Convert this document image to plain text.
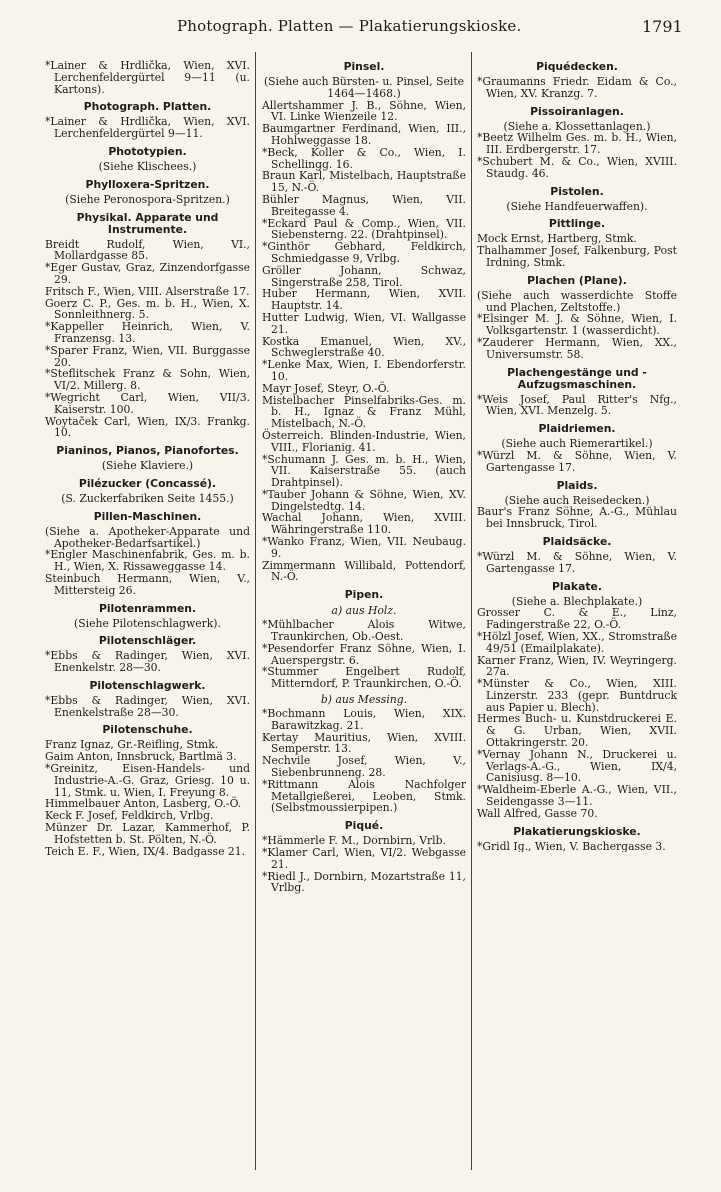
Photograph. Platten — Plakatierungskioske.	1791

*Lainer & Hrdlička, Wien, XVI. Lerchenfeldergürtel 9—11 (u. Kartons).

Photograph. Platten.

*Lainer & Hrdlička, Wien, XVI. Lerchenfeldergürtel 9—11.

Phototypien.

(Siehe Klischees.)

Phylloxera-Spritzen.

(Siehe Peronospora-Spritzen.)

Physikal. Apparate und Instrumente.

Breidt Rudolf, Wien, VI., Mollardgasse 85.

*Eger Gustav, Graz, Zinzendorfgasse 29.

Fritsch F., Wien, VIII. Alserstraße 17.

Goerz C. P., Ges. m. b. H., Wien, X. Sonnleithnerg. 5.

*Kappeller Heinrich, Wien, V. Franzensg. 13.

*Sparer Franz, Wien, VII. Burggasse 20.

*Steflitschek Franz & Sohn, Wien, VI/2. Millerg. 8.

*Wegricht Carl, Wien, VII/3. Kaiserstr. 100.

Woytaček Carl, Wien, IX/3. Frankg. 10.

Pianinos, Pianos, Pianofortes.

(Siehe Klaviere.)

Pilézucker (Concassé).

(S. Zuckerfabriken Seite 1455.)

Pillen-Maschinen.

(Siehe a. Apotheker-Apparate und Apotheker-Bedarfsartikel.)

*Engler Maschinenfabrik, Ges. m. b. H., Wien, X. Rissaweggasse 14.

Steinbuch Hermann, Wien, V., Mittersteig 26.

Pilotenrammen.

(Siehe Pilotenschlagwerk).

Pilotenschläger.

*Ebbs & Radinger, Wien, XVI. Enenkelstr. 28—30.

Pilotenschlagwerk.

*Ebbs & Radinger, Wien, XVI. Enenkelstraße 28—30.

Pilotenschuhe.

Franz Ignaz, Gr.-Reifling, Stmk.

Gaim Anton, Innsbruck, Bartlmä 3.

*Greinitz, Eisen-Handels- und Industrie-A.-G. Graz, Griesg. 10 u. 11, Stmk. u. Wien, I. Freyung 8.

Himmelbauer Anton, Lasberg, O.-Ö.

Keck F. Josef, Feldkirch, Vrlbg.

Münzer Dr. Lazar, Kammerhof, P. Hofstetten b. St. Pölten, N.-Ö.

Teich E. F., Wien, IX/4. Badgasse 21.

Pinsel.

(Siehe auch Bürsten- u. Pinsel, Seite 1464—1468.)

Allertshammer J. B., Söhne, Wien, VI. Linke Wienzeile 12.

Baumgartner Ferdinand, Wien, III., Hohlweggasse 18.

*Beck, Koller & Co., Wien, I. Schellingg. 16.

Braun Karl, Mistelbach, Hauptstraße 15, N.-Ö.

Bühler Magnus, Wien, VII. Breitegasse 4.

*Eckard Paul & Comp., Wien, VII. Siebensterng. 22. (Drahtpinsel).

*Ginthör Gebhard, Feldkirch, Schmiedgasse 9, Vrlbg.

Gröller Johann, Schwaz, Singerstraße 258, Tirol.

Huber Hermann, Wien, XVII. Hauptstr. 14.

Hutter Ludwig, Wien, VI. Wallgasse 21.

Kostka Emanuel, Wien, XV., Schweglerstraße 40.

*Lenke Max, Wien, I. Ebendorferstr. 10.

Mayr Josef, Steyr, O.-Ö.

Mistelbacher Pinselfabriks-Ges. m. b. H., Ignaz & Franz Mühl, Mistelbach, N.-Ö.

Österreich. Blinden-Industrie, Wien, VIII., Florianig. 41.

*Schumann J. Ges. m. b. H., Wien, VII. Kaiserstraße 55. (auch Drahtpinsel).

*Tauber Johann & Söhne, Wien, XV. Dingelstedtg. 14.

Wachal Johann, Wien, XVIII. Währingerstraße 110.

*Wanko Franz, Wien, VII. Neubaug. 9.

Zimmermann Willibald, Pottendorf, N.-Ö.

Pipen.
a) aus Holz.

*Mühlbacher Alois Witwe, Traunkirchen, Ob.-Oest.

*Pesendorfer Franz Söhne, Wien, I. Auerspergstr. 6.

*Stummer Engelbert Rudolf, Mitterndorf, P. Traunkirchen, O.-Ö.

b) aus Messing.

*Bochmann Louis, Wien, XIX. Barawitzkag. 21.

Kertay Mauritius, Wien, XVIII. Semperstr. 13.

Nechvile Josef, Wien, V., Siebenbrunneng. 28.

*Rittmann Alois Nachfolger Metallgießerei, Leoben, Stmk. (Selbstmoussierpipen.)

Piqué.

*Hämmerle F. M., Dornbirn, Vrlb.

*Klamer Carl, Wien, VI/2. Webgasse 21.

*Riedl J., Dornbirn, Mozartstraße 11, Vrlbg.

Piquédecken.

*Graumanns Friedr. Eidam & Co., Wien, XV. Kranzg. 7.

Pissoiranlagen.

(Siehe a. Klossettanlagen.)

*Beetz Wilhelm Ges. m. b. H., Wien, III. Erdbergerstr. 17.

*Schubert M. & Co., Wien, XVIII. Staudg. 46.

Pistolen.

(Siehe Handfeuerwaffen).

Pittlinge.

Mock Ernst, Hartberg, Stmk.

Thalhammer Josef, Falkenburg, Post Irdning, Stmk.

Plachen (Plane).

(Siehe auch wasserdichte Stoffe und Plachen, Zeltstoffe.)

*Elsinger M. J. & Söhne, Wien, I. Volksgartenstr. 1 (wasserdicht).

*Zauderer Hermann, Wien, XX., Universumstr. 58.

Plachengestänge und -Aufzugsmaschinen.

*Weis Josef, Paul Ritter's Nfg., Wien, XVI. Menzelg. 5.

Plaidriemen.

(Siehe auch Riemerartikel.)

*Würzl M. & Söhne, Wien, V. Gartengasse 17.

Plaids.

(Siehe auch Reisedecken.)

Baur's Franz Söhne, A.-G., Mühlau bei Innsbruck, Tirol.

Plaidsäcke.

*Würzl M. & Söhne, Wien, V. Gartengasse 17.

Plakate.

(Siehe a. Blechplakate.)

Grosser C. & E., Linz, Fadingerstraße 22, O.-Ö.

*Hölzl Josef, Wien, XX., Stromstraße 49/51 (Emailplakate).

Karner Franz, Wien, IV. Weyringerg. 27a.

*Münster & Co., Wien, XIII. Linzerstr. 233 (gepr. Buntdruck aus Papier u. Blech).

Hermes Buch- u. Kunstdruckerei E. & G. Urban, Wien, XVII. Ottakringerstr. 20.

*Vernay Johann N., Druckerei u. Verlags-A.-G., Wien, IX/4, Canisiusg. 8—10.

*Waldheim-Eberle A.-G., Wien, VII., Seidengasse 3—11.

Wall Alfred, Gasse 70.

Plakatierungskioske.

*Gridl Ig., Wien, V. Bachergasse 3.
